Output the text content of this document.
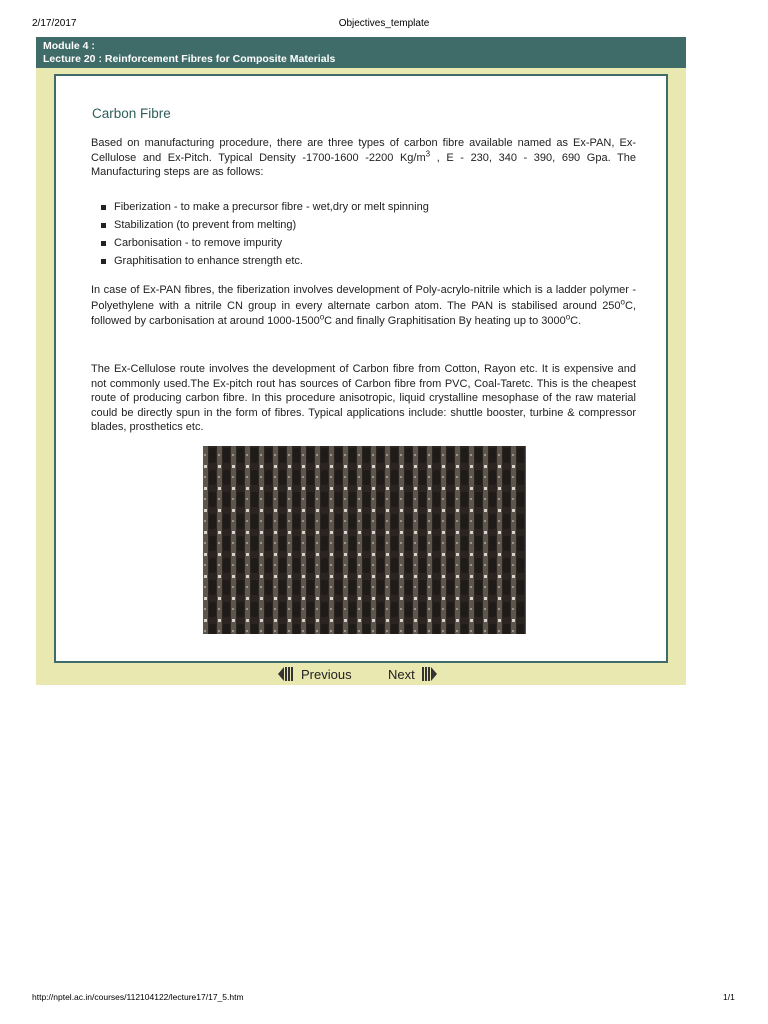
2/17/2017	Objectives_template
Module 4 :
Lecture 20 : Reinforcement Fibres for Composite Materials
Carbon Fibre

Based on manufacturing procedure, there are three types of carbon fibre available named as Ex-PAN, Ex-Cellulose and Ex-Pitch. Typical Density -1700-1600 -2200 $Kg/m^3$ , E - 230, 340 - 390, 690 Gpa. The Manufacturing steps are as follows:

Fiberization - to make a precursor fibre - wet,dry or melt spinning
Stabilization (to prevent from melting)
Carbonisation - to remove impurity
Graphitisation to enhance strength etc.

In case of Ex-PAN fibres, the fiberization involves development of Poly-acrylo-nitrile which is a ladder polymer - Polyethylene with a nitrile CN group in every alternate carbon atom. The PAN is stabilised around 250$^o$C, followed by carbonisation at around 1000-1500$^o$C and finally Graphitisation By heating up to 3000$^o$C.

The Ex-Cellulose route involves the development of Carbon fibre from Cotton, Rayon etc. It is expensive and not commonly used.The Ex-pitch rout has sources of Carbon fibre from PVC, Coal-Taretc. This is the cheapest route of producing carbon fibre. In this procedure anisotropic, liquid crystalline mesophase of the raw material could be directly spun in the form of fibres. Typical applications include: shuttle booster, turbine & compressor blades, prosthetics etc.

Previous	Next
http://nptel.ac.in/courses/112104122/lecture17/17_5.htm	1/1
